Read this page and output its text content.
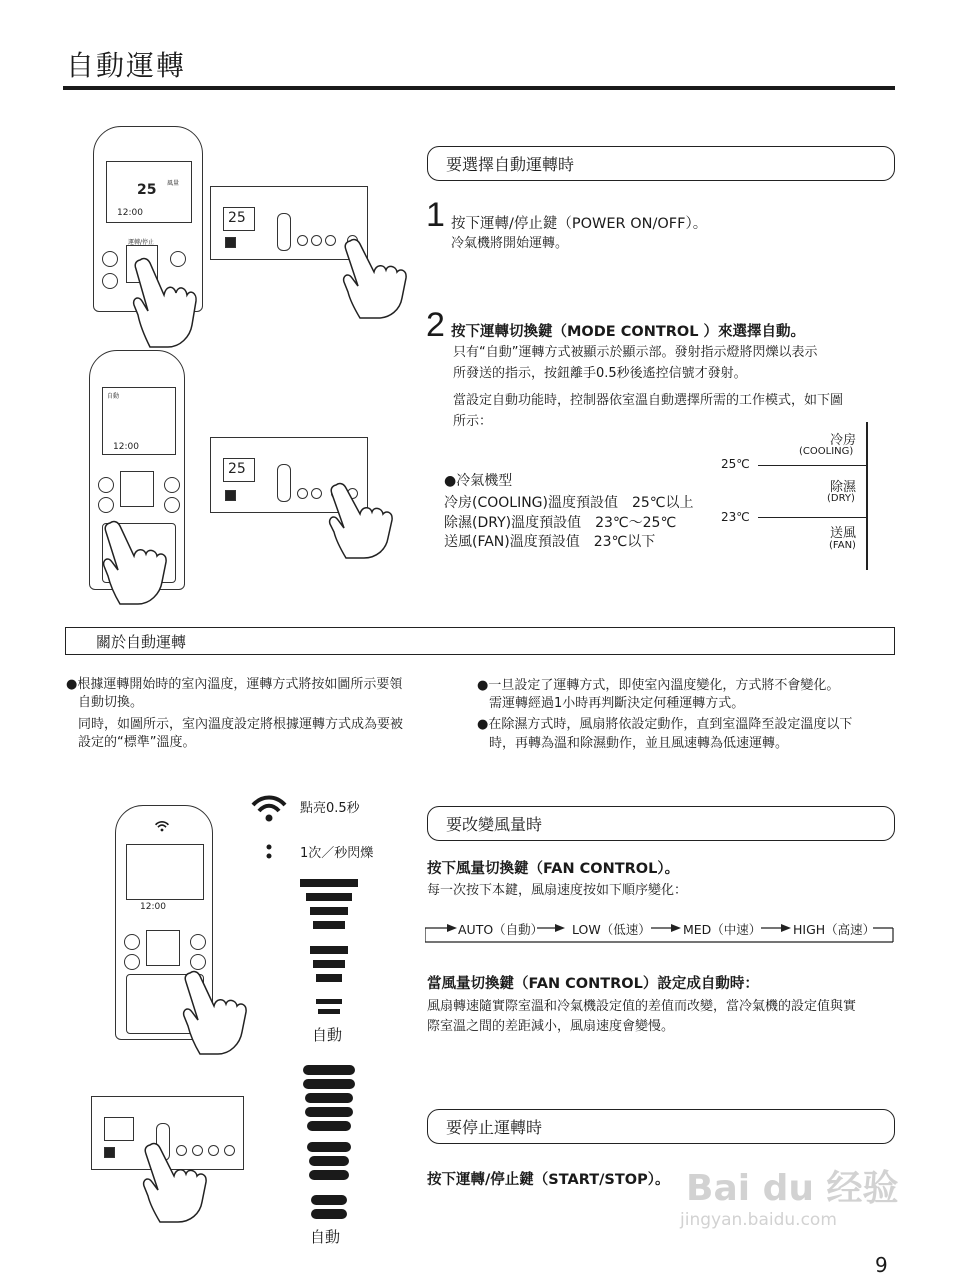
自動運轉
25
12:00
風量
運轉/停止
25
自動
12:00
25
要選擇自動運轉時
1 按下運轉/停止鍵（POWER ON/OFF）。
冷氣機將開始運轉。
2 按下運轉切換鍵（MODE CONTROL ）來選擇自動。
只有“自動”運轉方式被顯示於顯示部。發射指示燈將閃爍以表示
所發送的指示，按鈕離手0.5秒後遙控信號才發射。
當設定自動功能時，控制器依室溫自動選擇所需的工作模式，如下圖
所示：
●冷氣機型
冷房(COOLING)溫度預設值　25℃以上
除濕(DRY)溫度預設值　23℃～25℃
送風(FAN)溫度預設值　23℃以下
25℃
23℃
冷房
(COOLING)
除濕
(DRY)
送風
(FAN)
關於自動運轉
●根據運轉開始時的室內溫度，運轉方式將按如圖所示要領
自動切換。
同時，如圖所示，室內溫度設定將根據運轉方式成為要被
設定的“標準”溫度。
●一旦設定了運轉方式，即使室內溫度變化，方式將不會變化。
需運轉經過1小時再判斷決定何種運轉方式。
●在除濕方式時，風扇將依設定動作，直到室溫降至設定溫度以下
時，再轉為溫和除濕動作，並且風速轉為低速運轉。
點亮0.5秒
1次／秒閃爍
自動
自動
12:00
要改變風量時
按下風量切換鍵（FAN CONTROL）。
每一次按下本鍵，風扇速度按如下順序變化：
AUTO（自動） LOW（低速）	MED（中速）	HIGH（高速）
當風量切換鍵（FAN CONTROL）設定成自動時：
風扇轉速隨實際室溫和冷氣機設定值的差值而改變，當冷氣機的設定值與實
際室溫之間的差距減小，風扇速度會變慢。
要停止運轉時
按下運轉/停止鍵（START/STOP）。 Bai du 经验
jingyan.baidu.com
9
